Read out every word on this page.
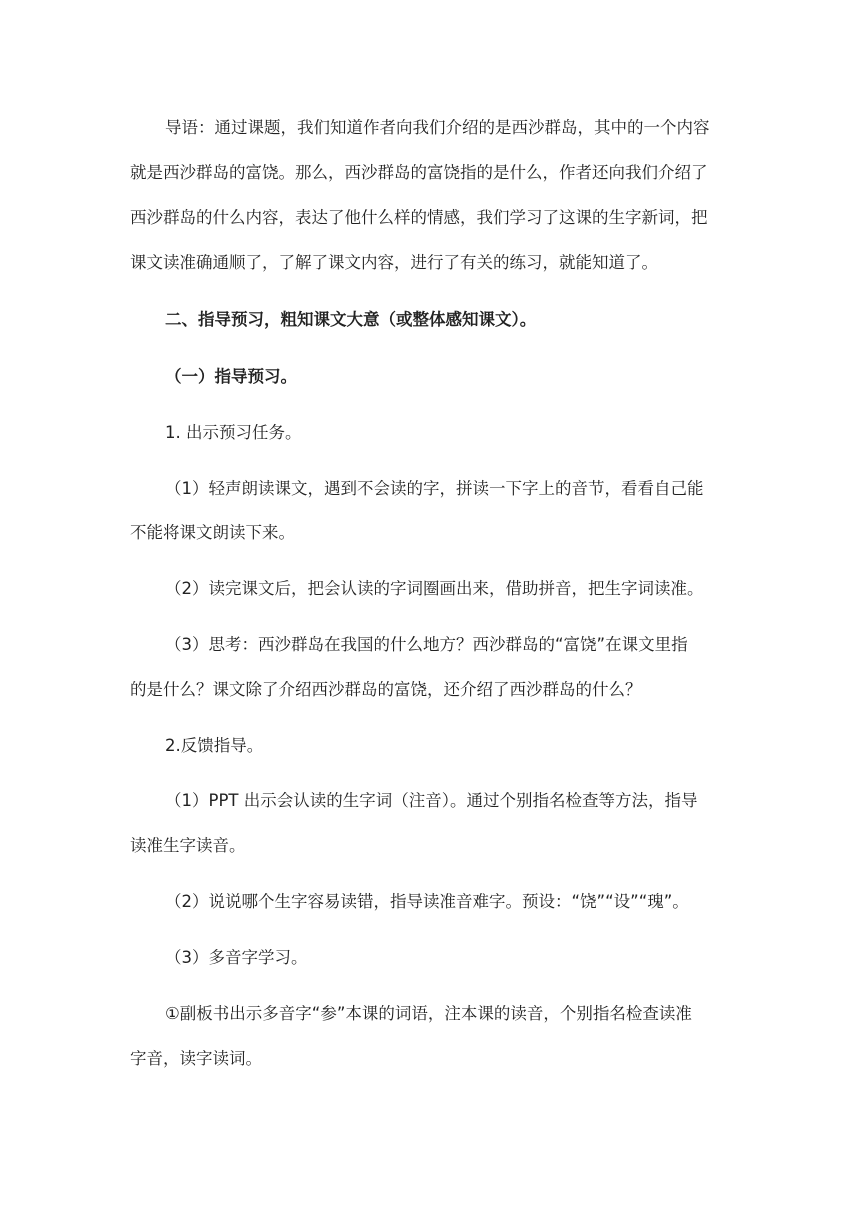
导语：通过课题，我们知道作者向我们介绍的是西沙群岛，其中的一个内容
就是西沙群岛的富饶。那么，西沙群岛的富饶指的是什么，作者还向我们介绍了
西沙群岛的什么内容，表达了他什么样的情感，我们学习了这课的生字新词，把
课文读准确通顺了，了解了课文内容，进行了有关的练习，就能知道了。
二、指导预习，粗知课文大意（或整体感知课文）。
（一）指导预习。
1. 出示预习任务。
（1）轻声朗读课文，遇到不会读的字，拼读一下字上的音节，看看自己能
不能将课文朗读下来。
（2）读完课文后，把会认读的字词圈画出来，借助拼音，把生字词读准。
（3）思考：西沙群岛在我国的什么地方？西沙群岛的“富饶”在课文里指
的是什么？课文除了介绍西沙群岛的富饶，还介绍了西沙群岛的什么？
2.反馈指导。
（1）PPT 出示会认读的生字词（注音）。通过个别指名检查等方法，指导
读准生字读音。
（2）说说哪个生字容易读错，指导读准音难字。预设：“饶”“设”“瑰”。
（3）多音字学习。
①副板书出示多音字“参”本课的词语，注本课的读音，个别指名检查读准
字音，读字读词。
